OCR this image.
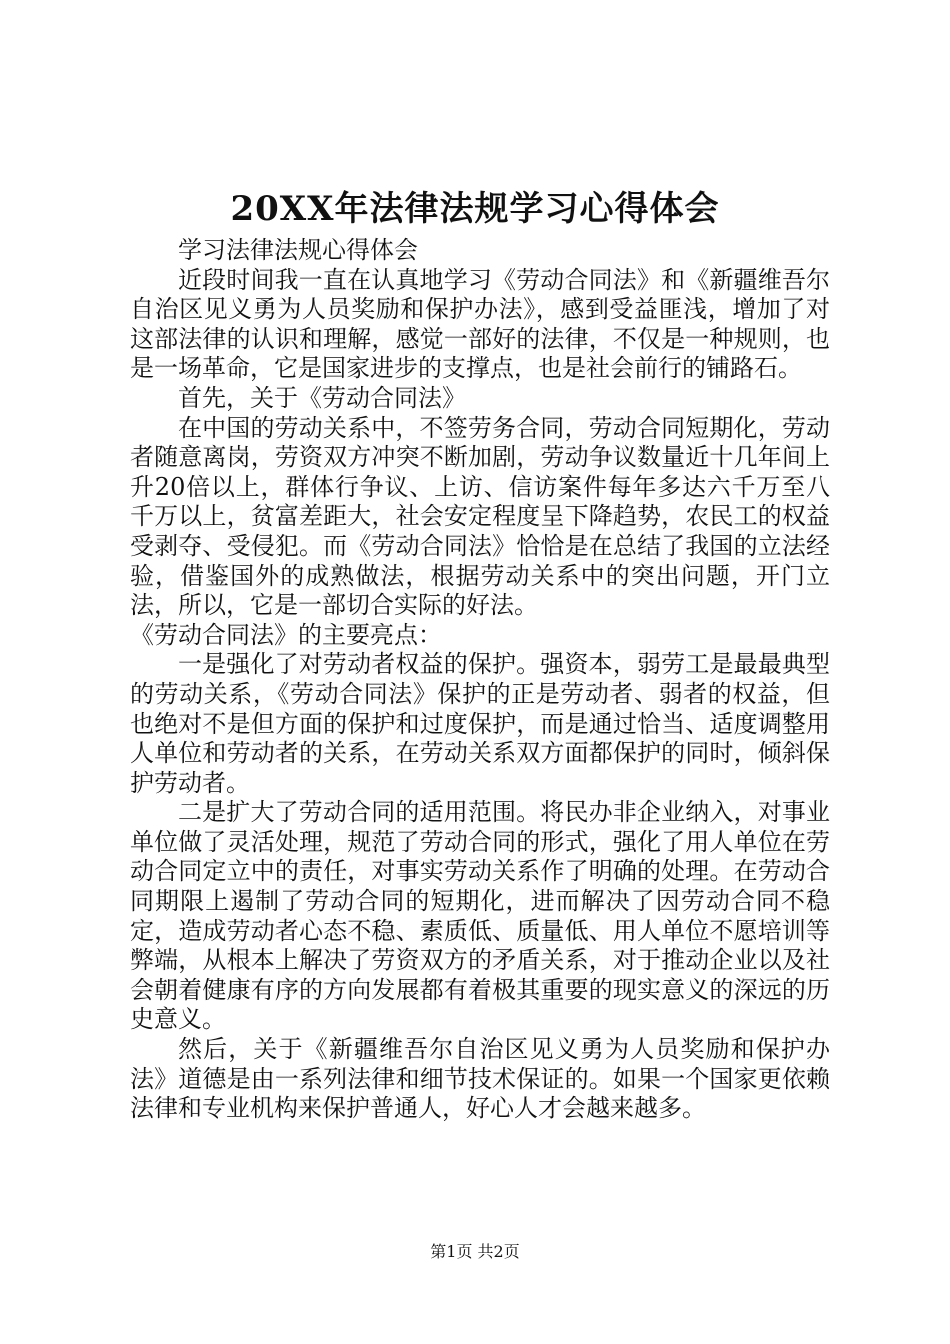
20XX年法律法规学习心得体会

学习法律法规心得体会

近段时间我一直在认真地学习《劳动合同法》和《新疆维吾尔自治区见义勇为人员奖励和保护办法》，感到受益匪浅，增加了对这部法律的认识和理解，感觉一部好的法律，不仅是一种规则，也是一场革命，它是国家进步的支撑点，也是社会前行的铺路石。

首先，关于《劳动合同法》

在中国的劳动关系中，不签劳务合同，劳动合同短期化，劳动者随意离岗，劳资双方冲突不断加剧，劳动争议数量近十几年间上升20倍以上，群体行争议、上访、信访案件每年多达六千万至八千万以上，贫富差距大，社会安定程度呈下降趋势，农民工的权益受剥夺、受侵犯。而《劳动合同法》恰恰是在总结了我国的立法经验，借鉴国外的成熟做法，根据劳动关系中的突出问题，开门立法，所以，它是一部切合实际的好法。

《劳动合同法》的主要亮点：

一是强化了对劳动者权益的保护。强资本，弱劳工是最最典型的劳动关系，《劳动合同法》保护的正是劳动者、弱者的权益，但也绝对不是但方面的保护和过度保护，而是通过恰当、适度调整用人单位和劳动者的关系，在劳动关系双方面都保护的同时，倾斜保护劳动者。

二是扩大了劳动合同的适用范围。将民办非企业纳入，对事业单位做了灵活处理，规范了劳动合同的形式，强化了用人单位在劳动合同定立中的责任，对事实劳动关系作了明确的处理。在劳动合同期限上遏制了劳动合同的短期化，进而解决了因劳动合同不稳定，造成劳动者心态不稳、素质低、质量低、用人单位不愿培训等弊端，从根本上解决了劳资双方的矛盾关系，对于推动企业以及社会朝着健康有序的方向发展都有着极其重要的现实意义的深远的历史意义。

然后，关于《新疆维吾尔自治区见义勇为人员奖励和保护办法》道德是由一系列法律和细节技术保证的。如果一个国家更依赖法律和专业机构来保护普通人，好心人才会越来越多。

第1页 共2页
